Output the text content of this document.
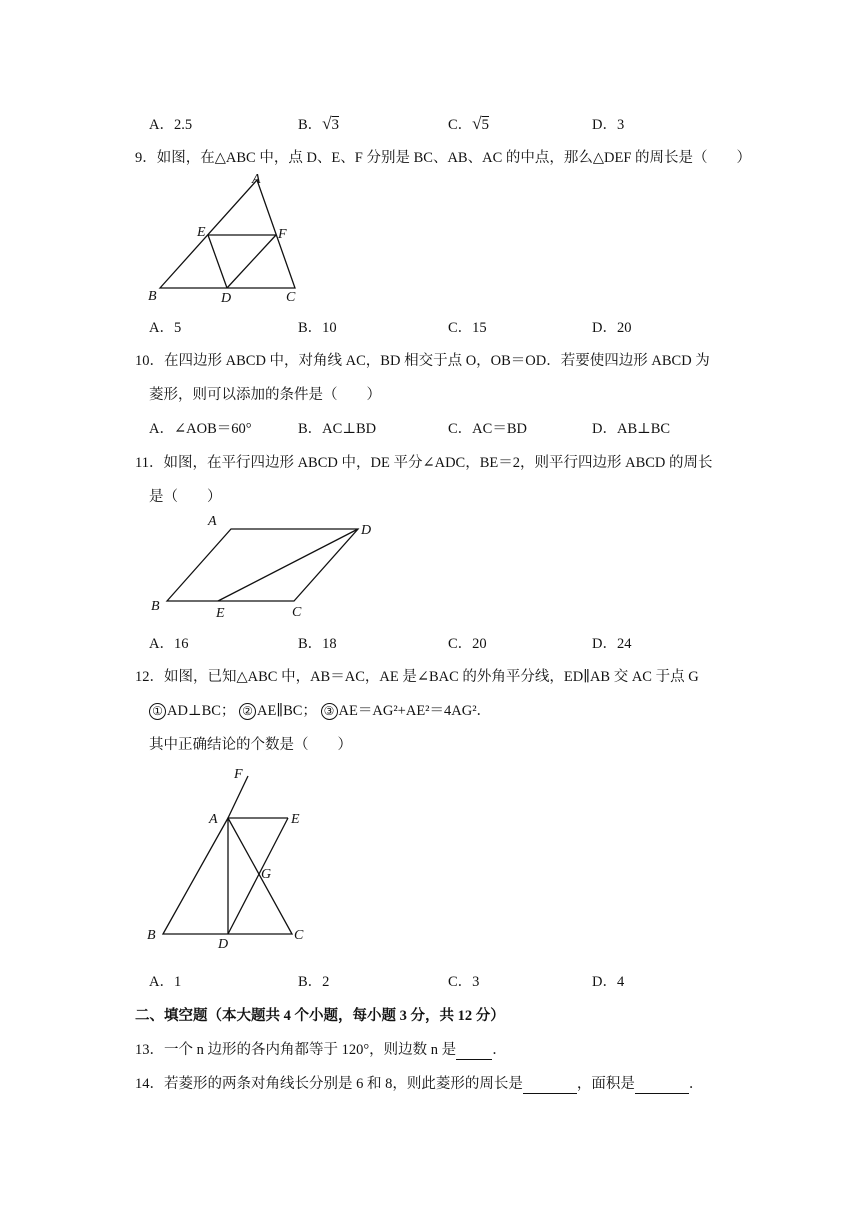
A．2.5	B．√3	C．√5	D．3
9．如图，在△ABC 中，点 D、E、F 分别是 BC、AB、AC 的中点，那么△DEF 的周长是（　　）
A
B	C
D
E	F
A．5	B．10	C．15	D．20
10．在四边形 ABCD 中，对角线 AC，BD 相交于点 O，OB＝OD．若要使四边形 ABCD 为
菱形，则可以添加的条件是（　　）
A．∠AOB＝60°	B．AC⊥BD	C．AC＝BD	D．AB⊥BC
11．如图，在平行四边形 ABCD 中，DE 平分∠ADC，BE＝2，则平行四边形 ABCD 的周长
是（　　）
A
B	C
D
E
A．16	B．18	C．20	D．24
12．如图，已知△ABC 中，AB＝AC，AE 是∠BAC 的外角平分线，ED∥AB 交 AC 于点 G
① AD⊥BC； ② AE∥BC； ③ AE＝AG²+AE²＝4AG²．
其中正确结论的个数是（　　）
F
A	E
G
B	C
D
A．1	B．2	C．3	D．4
二、填空题（本大题共 4 个小题，每小题 3 分，共 12 分）
13．一个 n 边形的各内角都等于 120°，则边数 n 是 ．
14．若菱形的两条对角线长分别是 6 和 8，则此菱形的周长是	，面积是	．
